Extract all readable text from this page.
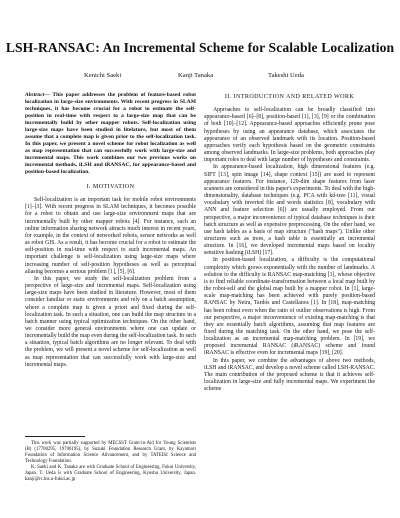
LSH-RANSAC: An Incremental Scheme for Scalable Localization
Kenichi Saeki	Kanji Tanaka	Takeshi Ueda

Abstract— This paper addresses the problem of feature-based robot localization in large-size environments. With recent progress in SLAM techniques, it has become crucial for a robot to estimate the self-position in real-time with respect to a large-size map that can be incrementally build by other mapper robots. Self-localization using large-size maps have been studied in litelature, but most of them assume that a complete map is given prior to the self-localization task. In this paper, we present a novel scheme for robot localization as well as map representation that can successfully work with large-size and incremental maps. This work combines our two previous works on incremental methods, iLSH and iRANSAC, for appearance-based and position-based localization.

I. MOTIVATION

Self-localization is an important task for mobile robot environments [1]–[3]. With recent progress in SLAM techniques, it becomes possible for a robot to obtain and use large-size environment maps that are incrementally built by other mapper robots [4]. For instance, such an online information sharing network attracts much interest in recent years, for example, in the context of networked robots, sensor networks as well as robot GIS. As a result, it has become crucial for a robot to estimate the self-position in real-time with respect to such incremental maps. An important challenge is self-localization using large-size maps where increasing number of self-position hypotheses as well as perceptual aliasing becomes a serious problem [1], [5], [6].

In this paper, we study the self-localization problem from a perspective of large-size and incremental maps. Self-localization using large-size maps have been studied in literature. However, most of them consider familiar or static environments and rely on a batch assumption, where a complete map is given a priori and fixed during the self-localization task. In such a situation, one can build the map structure in a batch manner using typical optimization techniques. On the other hand, we consider more general environments where one can update or incrementally build the map even during the self-localization task. In such a situation, typical batch algorithms are no longer relevant. To deal with the problem, we will present a novel scheme for self-localization as well as map representation that can successfully work with large-size and incremental maps.

This work was partially supported by MECSST Grant-in-Aid for Young Scientists (B) (17700295, 19700195), by Suzuki Foundation Research Grant, by Kayamori Foundation of Information Science Advancement, and by TATEISI Science and Technology Foundation.

K. Saeki and K. Tanaka are with Graduate School of Engineering, Fukui University, Japan. T. Ueda is with Graduate School of Engineering, Kyushu University, Japan. kanji@rc.his.u-fukui.ac.jp

II. INTRODUCTION AND RELATED WORK

Approaches to self-localization can be broadly classified into appearance-based [6]–[8], position-based [1], [3], [9] or the combination of both [10]–[12]. Appearance-based approaches efficiently prune pose hypotheses by using an appearance database, which associates the appearance of an observed landmark with its location. Position-based approaches verify each hypothesis based on the geometric constraints among observed landmarks. In large-size problems, both approaches play important roles to deal with large number of hypotheses and constraints.

In appearance-based localization, high dimensional features (e.g. SIFT [13], spin image [14], shape context [15]) are used to represent appearance features. For instance, 120-dim shape features from laser scanners are considered in this paper's experiments. To deal with the high-dimensionality, database techniques (e.g. PCA with kd-tree [11], visual vocabulary with inverted file and words statistics [8], vocabulary with ANN and feature selection [6]) are usually employed. From our perspective, a major inconvenience of typical database techniques is their batch structure as well as expensive preprocessing. On the other hand, we use hash tables as a basis of map structure ("hash maps"). Unlike other structures such as trees, a hash table is essentially an incremental structure. In [16], we developed incremental maps based on locality sensitive hashing (iLSH) [17].

In position-based localization, a difficulty is the computational complexity which grows exponentially with the number of landmarks. A solution to the difficulty is RANSAC map-matching [1], whose objective is to find reliable coordinate-transformation between a local map built by the robot-self and the global map built by a mapper robot. In [1], large-scale map-matching has been achieved with purely position-based RANSAC by Neira, Tardós and Castellanos [1]. In [18], map-matching has been robust even when the ratio of outlier observations is high. From our perspective, a major inconvenience of existing map-matching is that they are essentially batch algorithms, assuming that map features are fixed during the matching task. On the other hand, we pose the self-localization as an incremental map-matching problem. In [19], we proposed incremental RANSAC (iRANSAC) scheme and found iRANSAC is effective even for incremental maps [19], [20].

In this paper, we combine the advantages of above two methods, iLSH and iRANSAC, and develop a novel scheme called LSH-RANSAC. The main contribution of the proposed scheme is that it achieves self-localization in large-size and fully incremental maps. We experiment the scheme
